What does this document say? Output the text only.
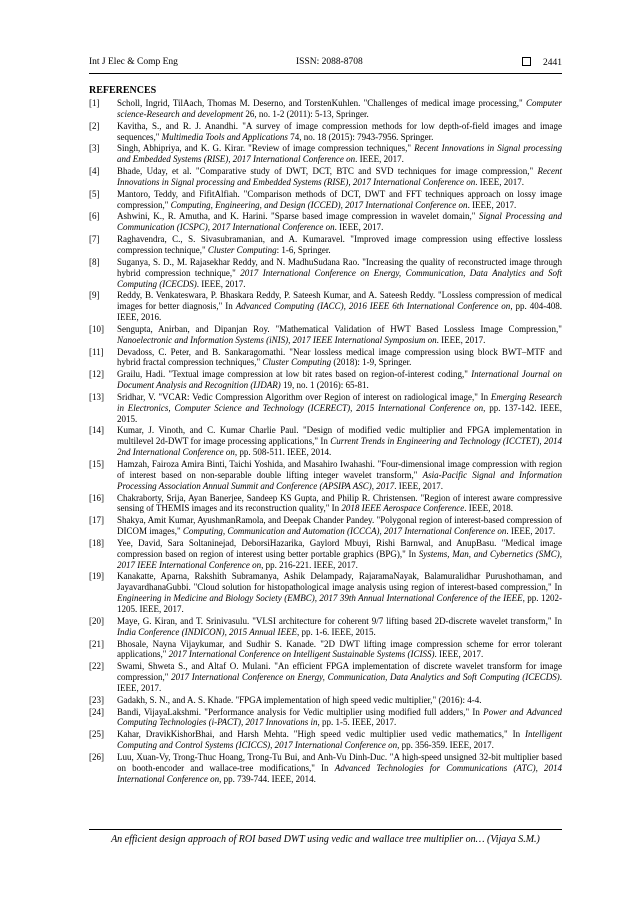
Int J Elec & Comp Eng	ISSN: 2088-8708	2441
REFERENCES
[1] Scholl, Ingrid, TilAach, Thomas M. Deserno, and TorstenKuhlen. "Challenges of medical image processing," Computer science-Research and development 26, no. 1-2 (2011): 5-13, Springer.
[2] Kavitha, S., and R. J. Anandhi. "A survey of image compression methods for low depth-of-field images and image sequences," Multimedia Tools and Applications 74, no. 18 (2015): 7943-7956. Springer.
[3] Singh, Abhipriya, and K. G. Kirar. "Review of image compression techniques," Recent Innovations in Signal processing and Embedded Systems (RISE), 2017 International Conference on. IEEE, 2017.
[4] Bhade, Uday, et al. "Comparative study of DWT, DCT, BTC and SVD techniques for image compression," Recent Innovations in Signal processing and Embedded Systems (RISE), 2017 International Conference on. IEEE, 2017.
[5] Mantoro, Teddy, and FifitAlfiah. "Comparison methods of DCT, DWT and FFT techniques approach on lossy image compression," Computing, Engineering, and Design (ICCED), 2017 International Conference on. IEEE, 2017.
[6] Ashwini, K., R. Amutha, and K. Harini. "Sparse based image compression in wavelet domain," Signal Processing and Communication (ICSPC), 2017 International Conference on. IEEE, 2017.
[7] Raghavendra, C., S. Sivasubramanian, and A. Kumaravel. "Improved image compression using effective lossless compression technique," Cluster Computing: 1-6, Springer.
[8] Suganya, S. D., M. Rajasekhar Reddy, and N. MadhuSudana Rao. "Increasing the quality of reconstructed image through hybrid compression technique," 2017 International Conference on Energy, Communication, Data Analytics and Soft Computing (ICECDS). IEEE, 2017.
[9] Reddy, B. Venkateswara, P. Bhaskara Reddy, P. Sateesh Kumar, and A. Sateesh Reddy. "Lossless compression of medical images for better diagnosis," In Advanced Computing (IACC), 2016 IEEE 6th International Conference on, pp. 404-408. IEEE, 2016.
[10] Sengupta, Anirban, and Dipanjan Roy. "Mathematical Validation of HWT Based Lossless Image Compression," Nanoelectronic and Information Systems (iNIS), 2017 IEEE International Symposium on. IEEE, 2017.
[11] Devadoss, C. Peter, and B. Sankaragomathi. "Near lossless medical image compression using block BWT–MTF and hybrid fractal compression techniques," Cluster Computing (2018): 1-9, Springer.
[12] Grailu, Hadi. "Textual image compression at low bit rates based on region-of-interest coding," International Journal on Document Analysis and Recognition (IJDAR) 19, no. 1 (2016): 65-81.
[13] Sridhar, V. "VCAR: Vedic Compression Algorithm over Region of interest on radiological image," In Emerging Research in Electronics, Computer Science and Technology (ICERECT), 2015 International Conference on, pp. 137-142. IEEE, 2015.
[14] Kumar, J. Vinoth, and C. Kumar Charlie Paul. "Design of modified vedic multiplier and FPGA implementation in multilevel 2d-DWT for image processing applications," In Current Trends in Engineering and Technology (ICCTET), 2014 2nd International Conference on, pp. 508-511. IEEE, 2014.
[15] Hamzah, Fairoza Amira Binti, Taichi Yoshida, and Masahiro Iwahashi. "Four-dimensional image compression with region of interest based on non-separable double lifting integer wavelet transform," Asia-Pacific Signal and Information Processing Association Annual Summit and Conference (APSIPA ASC), 2017. IEEE, 2017.
[16] Chakraborty, Srija, Ayan Banerjee, Sandeep KS Gupta, and Philip R. Christensen. "Region of interest aware compressive sensing of THEMIS images and its reconstruction quality," In 2018 IEEE Aerospace Conference. IEEE, 2018.
[17] Shakya, Amit Kumar, AyushmanRamola, and Deepak Chander Pandey. "Polygonal region of interest-based compression of DICOM images," Computing, Communication and Automation (ICCCA), 2017 International Conference on. IEEE, 2017.
[18] Yee, David, Sara Soltaninejad, DeborsiHazarika, Gaylord Mbuyi, Rishi Barnwal, and AnupBasu. "Medical image compression based on region of interest using better portable graphics (BPG)," In Systems, Man, and Cybernetics (SMC), 2017 IEEE International Conference on, pp. 216-221. IEEE, 2017.
[19] Kanakatte, Aparna, Rakshith Subramanya, Ashik Delampady, RajaramaNayak, Balamuralidhar Purushothaman, and JayavardhanaGubbi. "Cloud solution for histopathological image analysis using region of interest-based compression," In Engineering in Medicine and Biology Society (EMBC), 2017 39th Annual International Conference of the IEEE, pp. 1202-1205. IEEE, 2017.
[20] Maye, G. Kiran, and T. Srinivasulu. "VLSI architecture for coherent 9/7 lifting based 2D-discrete wavelet transform," In India Conference (INDICON), 2015 Annual IEEE, pp. 1-6. IEEE, 2015.
[21] Bhosale, Nayna Vijaykumar, and Sudhir S. Kanade. "2D DWT lifting image compression scheme for error tolerant applications," 2017 International Conference on Intelligent Sustainable Systems (ICISS). IEEE, 2017.
[22] Swami, Shweta S., and Altaf O. Mulani. "An efficient FPGA implementation of discrete wavelet transform for image compression," 2017 International Conference on Energy, Communication, Data Analytics and Soft Computing (ICECDS). IEEE, 2017.
[23] Gadakh, S. N., and A. S. Khade. "FPGA implementation of high speed vedic multiplier," (2016): 4-4.
[24] Bandi, VijayaLakshmi. "Performance analysis for Vedic multiplier using modified full adders," In Power and Advanced Computing Technologies (i-PACT), 2017 Innovations in, pp. 1-5. IEEE, 2017.
[25] Kahar, DravikKishorBhai, and Harsh Mehta. "High speed vedic multiplier used vedic mathematics," In Intelligent Computing and Control Systems (ICICCS), 2017 International Conference on, pp. 356-359. IEEE, 2017.
[26] Luu, Xuan-Vy, Trong-Thuc Hoang, Trong-Tu Bui, and Anh-Vu Dinh-Duc. "A high-speed unsigned 32-bit multiplier based on booth-encoder and wallace-tree modifications," In Advanced Technologies for Communications (ATC), 2014 International Conference on, pp. 739-744. IEEE, 2014.
An efficient design approach of ROI based DWT using vedic and wallace tree multiplier on… (Vijaya S.M.)
